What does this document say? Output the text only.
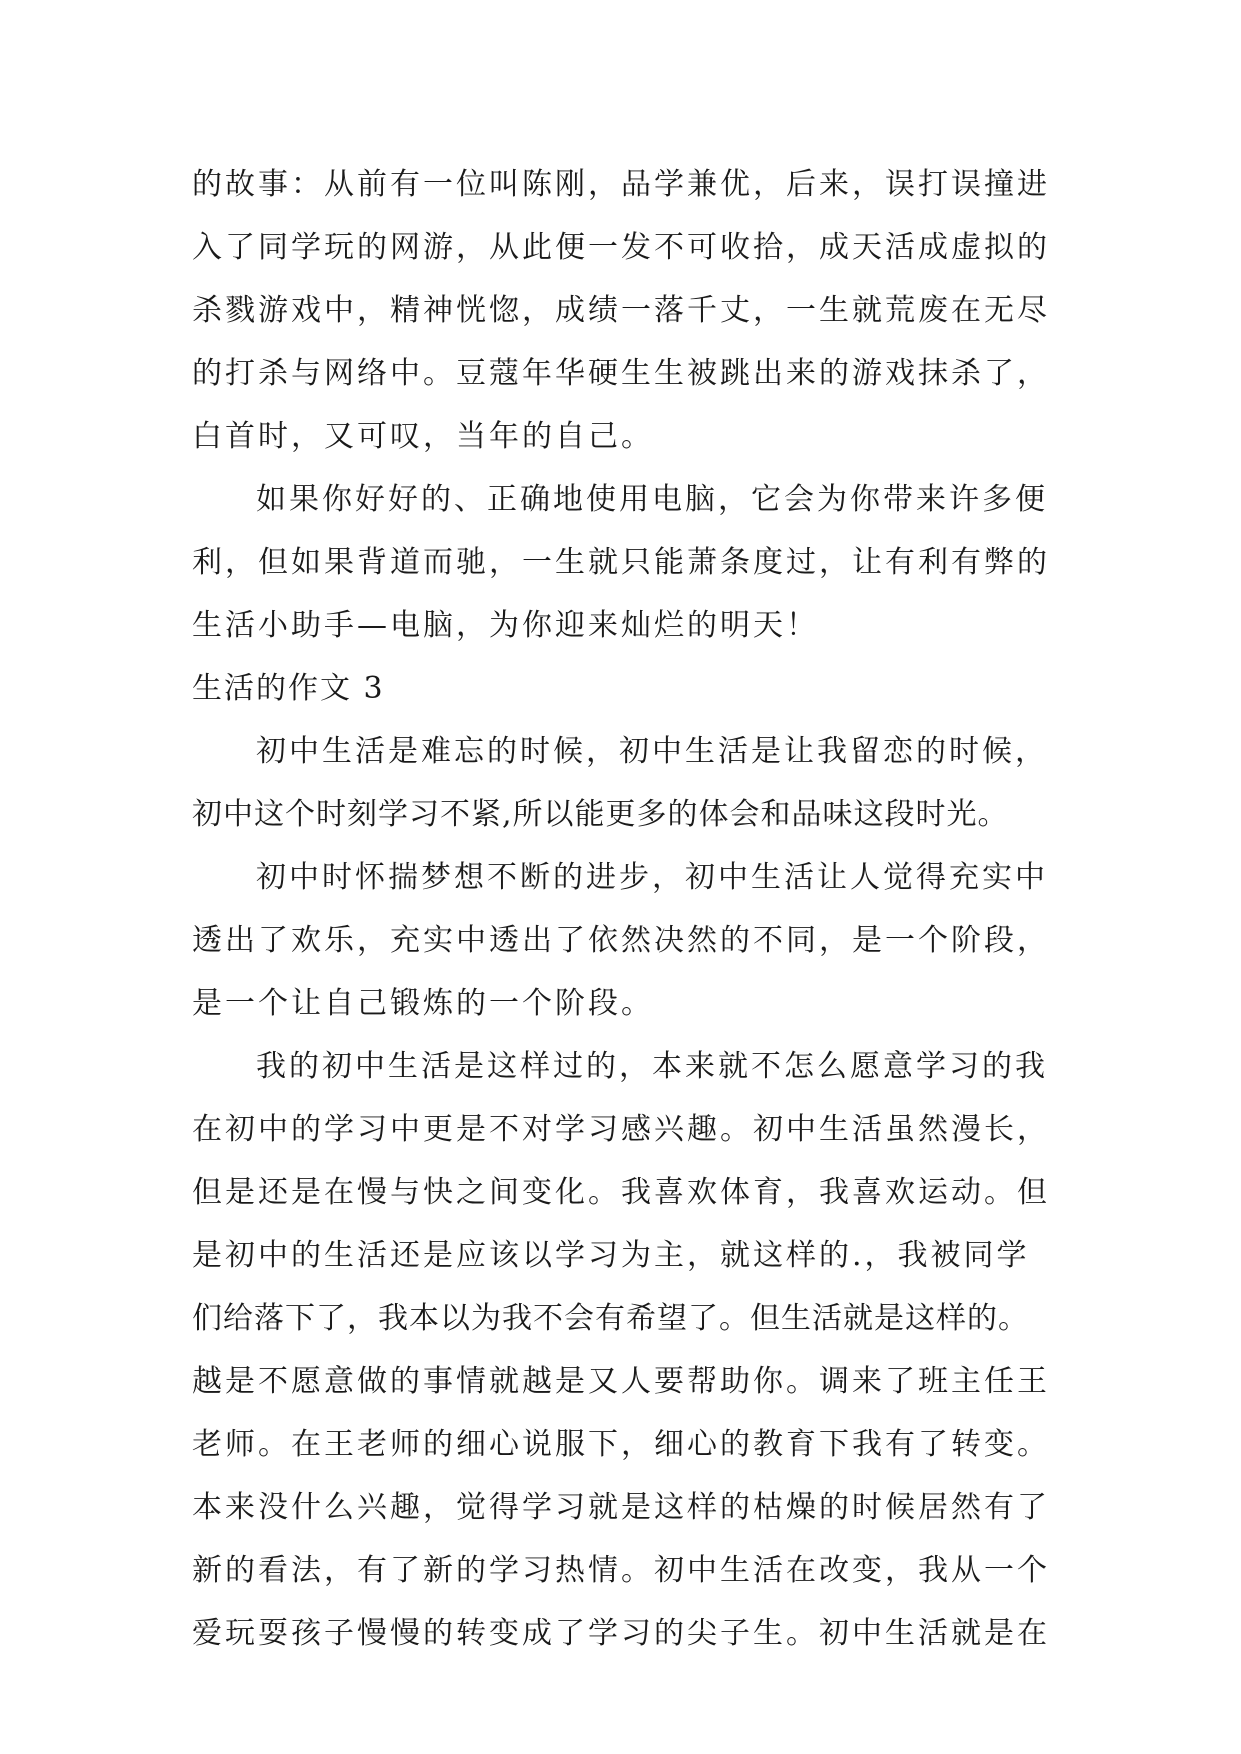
的故事：从前有一位叫陈刚，品学兼优，后来，误打误撞进
入了同学玩的网游，从此便一发不可收拾，成天活成虚拟的
杀戮游戏中，精神恍惚，成绩一落千丈，一生就荒废在无尽
的打杀与网络中。豆蔻年华硬生生被跳出来的游戏抹杀了，
白首时，又可叹，当年的自己。
如果你好好的、正确地使用电脑，它会为你带来许多便
利，但如果背道而驰，一生就只能萧条度过，让有利有弊的
生活小助手—电脑，为你迎来灿烂的明天！
生活的作文 3
初中生活是难忘的时候，初中生活是让我留恋的时候，
初中这个时刻学习不紧,所以能更多的体会和品味这段时光。
初中时怀揣梦想不断的进步，初中生活让人觉得充实中
透出了欢乐，充实中透出了依然决然的不同，是一个阶段，
是一个让自己锻炼的一个阶段。
我的初中生活是这样过的，本来就不怎么愿意学习的我
在初中的学习中更是不对学习感兴趣。初中生活虽然漫长，
但是还是在慢与快之间变化。我喜欢体育，我喜欢运动。但
是初中的生活还是应该以学习为主，就这样的.，我被同学
们给落下了，我本以为我不会有希望了。但生活就是这样的。
越是不愿意做的事情就越是又人要帮助你。调来了班主任王
老师。在王老师的细心说服下，细心的教育下我有了转变。
本来没什么兴趣，觉得学习就是这样的枯燥的时候居然有了
新的看法，有了新的学习热情。初中生活在改变，我从一个
爱玩耍孩子慢慢的转变成了学习的尖子生。初中生活就是在
